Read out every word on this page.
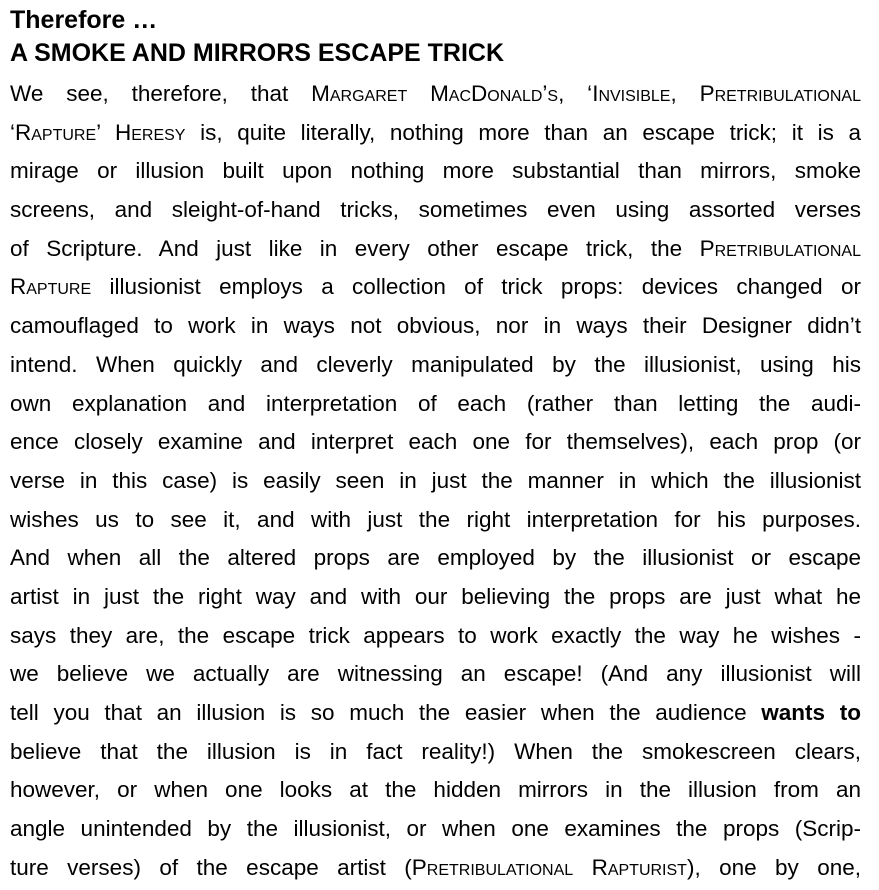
Therefore …
A SMOKE AND MIRRORS ESCAPE TRICK
We see, therefore, that Margaret MacDonald’s, ‘Invisible, Pretribulational
‘Rapture’ Heresy is, quite literally, nothing more than an escape trick; it is a
mirage or illusion built upon nothing more substantial than mirrors, smoke
screens, and sleight-of-hand tricks, sometimes even using assorted verses
of Scripture. And just like in every other escape trick, the Pretribulational
Rapture illusionist employs a collection of trick props: devices changed or
camouflaged to work in ways not obvious, nor in ways their Designer didn’t
intend. When quickly and cleverly manipulated by the illusionist, using his
own explanation and interpretation of each (rather than letting the audi-
ence closely examine and interpret each one for themselves), each prop (or
verse in this case) is easily seen in just the manner in which the illusionist
wishes us to see it, and with just the right interpretation for his purposes.
And when all the altered props are employed by the illusionist or escape
artist in just the right way and with our believing the props are just what he
says they are, the escape trick appears to work exactly the way he wishes -
we believe we actually are witnessing an escape! (And any illusionist will
tell you that an illusion is so much the easier when the audience wants to
believe that the illusion is in fact reality!) When the smokescreen clears,
however, or when one looks at the hidden mirrors in the illusion from an
angle unintended by the illusionist, or when one examines the props (Scrip-
ture verses) of the escape artist (Pretribulational Rapturist), one by one,
